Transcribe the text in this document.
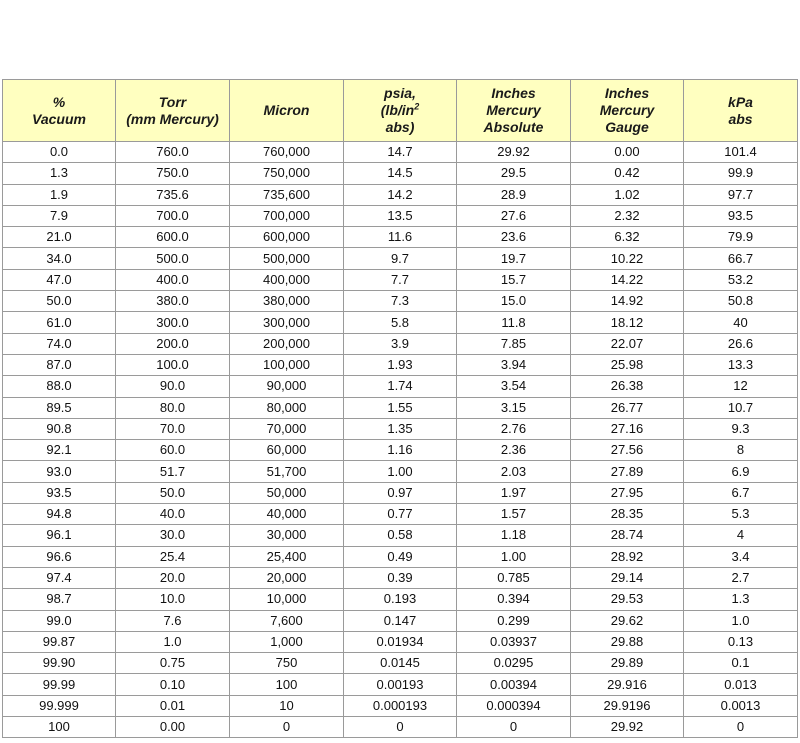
%
Vacuum	Torr
(mm Mercury)	Micron	psia,
($lb/in^2$
abs)	Inches
Mercury
Absolute	Inches
Mercury
Gauge	kPa
abs

0.0	760.0	760,000	14.7	29.92	0.00	101.4
1.3	750.0	750,000	14.5	29.5	0.42	99.9
1.9	735.6	735,600	14.2	28.9	1.02	97.7
7.9	700.0	700,000	13.5	27.6	2.32	93.5
21.0	600.0	600,000	11.6	23.6	6.32	79.9
34.0	500.0	500,000	9.7	19.7	10.22	66.7
47.0	400.0	400,000	7.7	15.7	14.22	53.2
50.0	380.0	380,000	7.3	15.0	14.92	50.8
61.0	300.0	300,000	5.8	11.8	18.12	40
74.0	200.0	200,000	3.9	7.85	22.07	26.6
87.0	100.0	100,000	1.93	3.94	25.98	13.3
88.0	90.0	90,000	1.74	3.54	26.38	12
89.5	80.0	80,000	1.55	3.15	26.77	10.7
90.8	70.0	70,000	1.35	2.76	27.16	9.3
92.1	60.0	60,000	1.16	2.36	27.56	8
93.0	51.7	51,700	1.00	2.03	27.89	6.9
93.5	50.0	50,000	0.97	1.97	27.95	6.7
94.8	40.0	40,000	0.77	1.57	28.35	5.3
96.1	30.0	30,000	0.58	1.18	28.74	4
96.6	25.4	25,400	0.49	1.00	28.92	3.4
97.4	20.0	20,000	0.39	0.785	29.14	2.7
98.7	10.0	10,000	0.193	0.394	29.53	1.3
99.0	7.6	7,600	0.147	0.299	29.62	1.0
99.87	1.0	1,000	0.01934	0.03937	29.88	0.13
99.90	0.75	750	0.0145	0.0295	29.89	0.1
99.99	0.10	100	0.00193	0.00394	29.916	0.013
99.999	0.01	10	0.000193	0.000394	29.9196	0.0013
100	0.00	0	0	0	29.92	0
